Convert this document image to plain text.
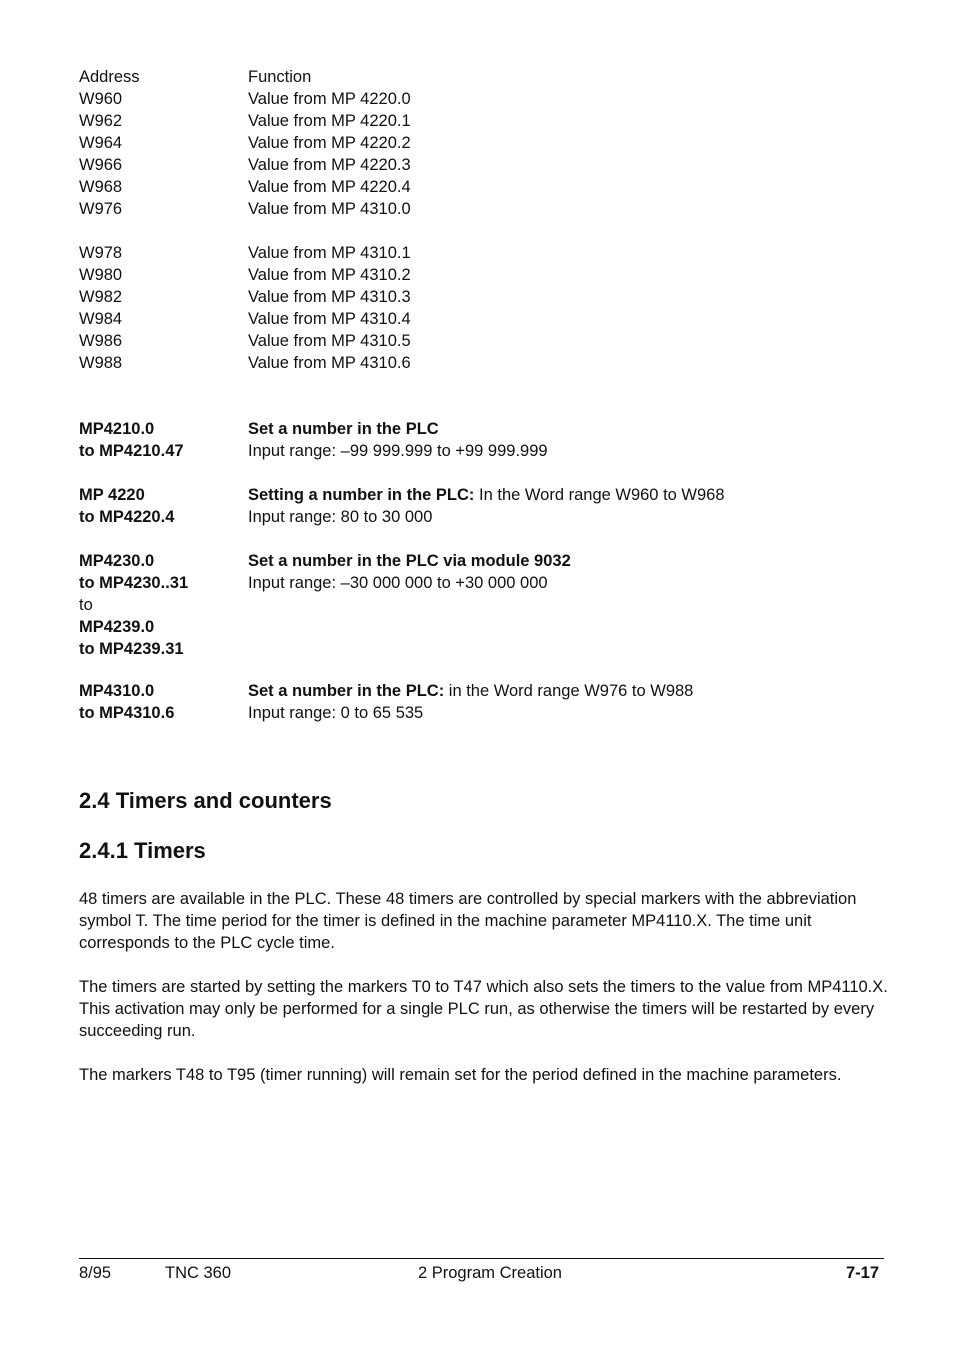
Address	Function
W960	Value from MP 4220.0
W962	Value from MP 4220.1
W964	Value from MP 4220.2
W966	Value from MP 4220.3
W968	Value from MP 4220.4
W976	Value from MP 4310.0
W978	Value from MP 4310.1
W980	Value from MP 4310.2
W982	Value from MP 4310.3
W984	Value from MP 4310.4
W986	Value from MP 4310.5
W988	Value from MP 4310.6
MP4210.0	Set a number in the PLC
to MP4210.47	Input range: –99 999.999 to +99 999.999
MP 4220	Setting a number in the PLC: In the Word range W960 to W968
to MP4220.4	Input range: 80 to 30 000
MP4230.0	Set a number in the PLC via module 9032
to MP4230..31	Input range: –30 000 000 to +30 000 000
to
MP4239.0
to MP4239.31
MP4310.0	Set a number in the PLC: in the Word range W976 to W988
to MP4310.6	Input range: 0 to 65 535
2.4 Timers and counters
2.4.1 Timers
48 timers are available in the PLC. These 48 timers are controlled by special markers with the abbreviation symbol T. The time period for the timer is defined in the machine parameter MP4110.X. The time unit corresponds to the PLC cycle time.
The timers are started by setting the markers T0 to T47 which also sets the timers to the value from MP4110.X. This activation may only be performed for a single PLC run, as otherwise the timers will be restarted by every succeeding run.
The markers T48 to T95 (timer running) will remain set for the period defined in the machine parameters.
8/95	TNC 360	2 Program Creation	7-17
